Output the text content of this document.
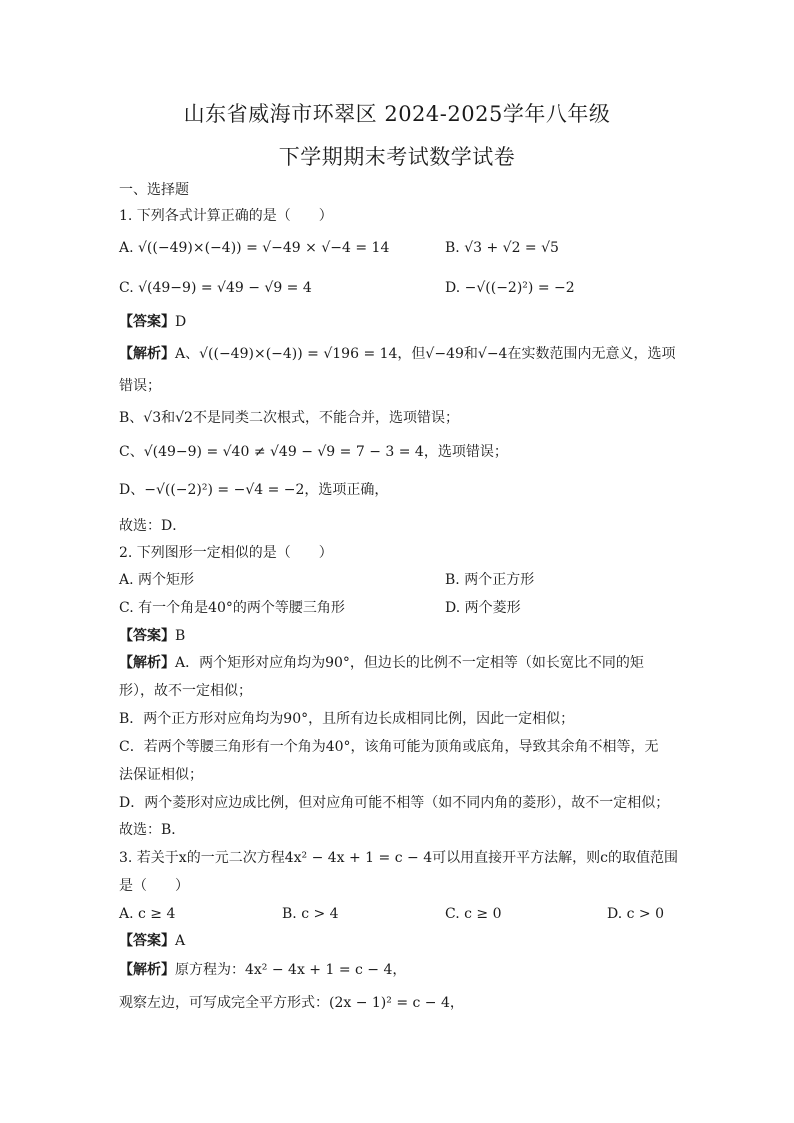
山东省威海市环翠区 2024-2025学年八年级
下学期期末考试数学试卷
一、选择题
1. 下列各式计算正确的是（　　）
A. √((−49)×(−4)) = √−49 × √−4 = 14	B. √3 + √2 = √5
C. √(49−9) = √49 − √9 = 4	D. −√((−2)²) = −2
【答案】D
【解析】A、√((−49)×(−4)) = √196 = 14，但√−49和√−4在实数范围内无意义，选项
错误；
B、√3和√2不是同类二次根式，不能合并，选项错误；
C、√(49−9) = √40 ≠ √49 − √9 = 7 − 3 = 4，选项错误；
D、−√((−2)²) = −√4 = −2，选项正确，
故选：D．
2. 下列图形一定相似的是（　　）
A. 两个矩形	B. 两个正方形
C. 有一个角是40°的两个等腰三角形	D. 两个菱形
【答案】B
【解析】A．两个矩形对应角均为90°，但边长的比例不一定相等（如长宽比不同的矩
形），故不一定相似；
B．两个正方形对应角均为90°，且所有边长成相同比例，因此一定相似；
C．若两个等腰三角形有一个角为40°，该角可能为顶角或底角，导致其余角不相等，无
法保证相似；
D．两个菱形对应边成比例，但对应角可能不相等（如不同内角的菱形），故不一定相似；
故选：B．
3. 若关于x的一元二次方程4x² − 4x + 1 = c − 4可以用直接开平方法解，则c的取值范围
是（　　）
A. c ≥ 4	B. c > 4	C. c ≥ 0	D. c > 0
【答案】A
【解析】原方程为：4x² − 4x + 1 = c − 4，
观察左边，可写成完全平方形式：(2x − 1)² = c − 4，
